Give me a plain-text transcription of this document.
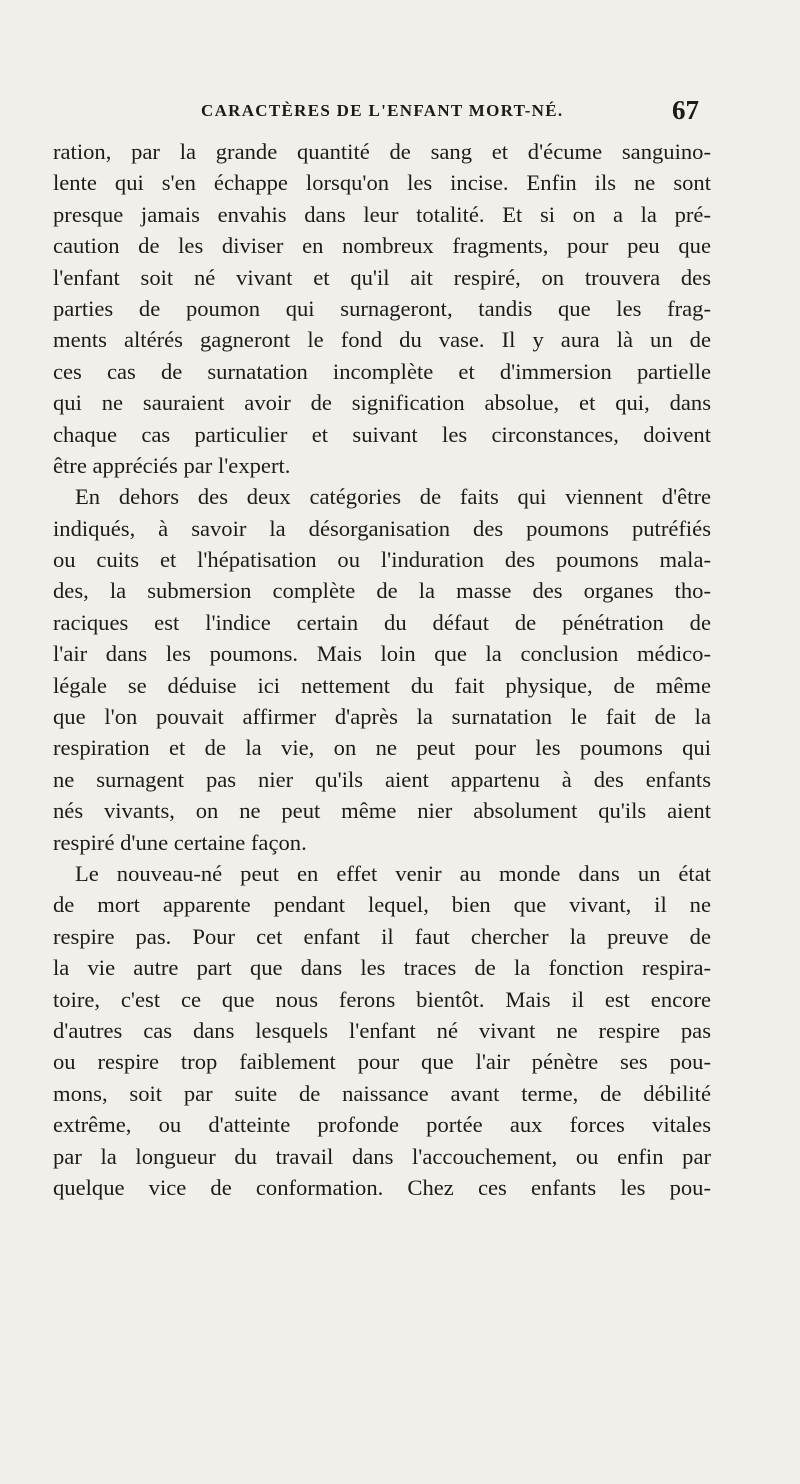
CARACTÈRES DE L'ENFANT MORT-NÉ.	67
ration, par la grande quantité de sang et d'écume sanguino-
lente qui s'en échappe lorsqu'on les incise. Enfin ils ne sont
presque jamais envahis dans leur totalité. Et si on a la pré-
caution de les diviser en nombreux fragments, pour peu que
l'enfant soit né vivant et qu'il ait respiré, on trouvera des
parties de poumon qui surnageront, tandis que les frag-
ments altérés gagneront le fond du vase. Il y aura là un de
ces cas de surnatation incomplète et d'immersion partielle
qui ne sauraient avoir de signification absolue, et qui, dans
chaque cas particulier et suivant les circonstances, doivent
être appréciés par l'expert.
En dehors des deux catégories de faits qui viennent d'être
indiqués, à savoir la désorganisation des poumons putréfiés
ou cuits et l'hépatisation ou l'induration des poumons mala-
des, la submersion complète de la masse des organes tho-
raciques est l'indice certain du défaut de pénétration de
l'air dans les poumons. Mais loin que la conclusion médico-
légale se déduise ici nettement du fait physique, de même
que l'on pouvait affirmer d'après la surnatation le fait de la
respiration et de la vie, on ne peut pour les poumons qui
ne surnagent pas nier qu'ils aient appartenu à des enfants
nés vivants, on ne peut même nier absolument qu'ils aient
respiré d'une certaine façon.
Le nouveau-né peut en effet venir au monde dans un état
de mort apparente pendant lequel, bien que vivant, il ne
respire pas. Pour cet enfant il faut chercher la preuve de
la vie autre part que dans les traces de la fonction respira-
toire, c'est ce que nous ferons bientôt. Mais il est encore
d'autres cas dans lesquels l'enfant né vivant ne respire pas
ou respire trop faiblement pour que l'air pénètre ses pou-
mons, soit par suite de naissance avant terme, de débilité
extrême, ou d'atteinte profonde portée aux forces vitales
par la longueur du travail dans l'accouchement, ou enfin par
quelque vice de conformation. Chez ces enfants les pou-
